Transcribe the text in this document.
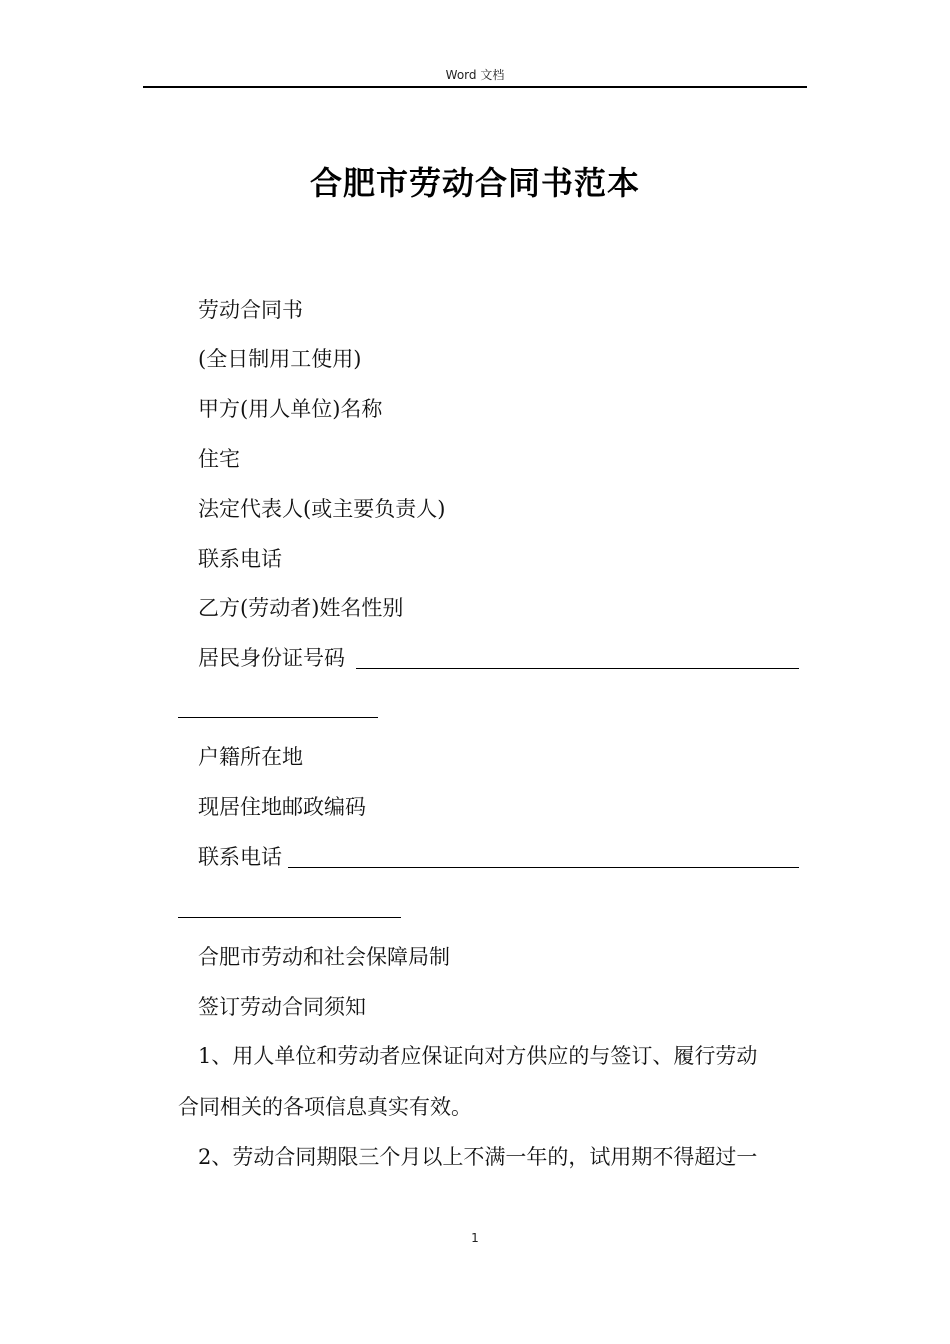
Word 文档
合肥市劳动合同书范本
劳动合同书
(全日制用工使用)
甲方(用人单位)名称
住宅
法定代表人(或主要负责人)
联系电话
乙方(劳动者)姓名性别
居民身份证号码
户籍所在地
现居住地邮政编码
联系电话
合肥市劳动和社会保障局制
签订劳动合同须知
1、用人单位和劳动者应保证向对方供应的与签订、履行劳动
合同相关的各项信息真实有效。
2、劳动合同期限三个月以上不满一年的，试用期不得超过一
1
